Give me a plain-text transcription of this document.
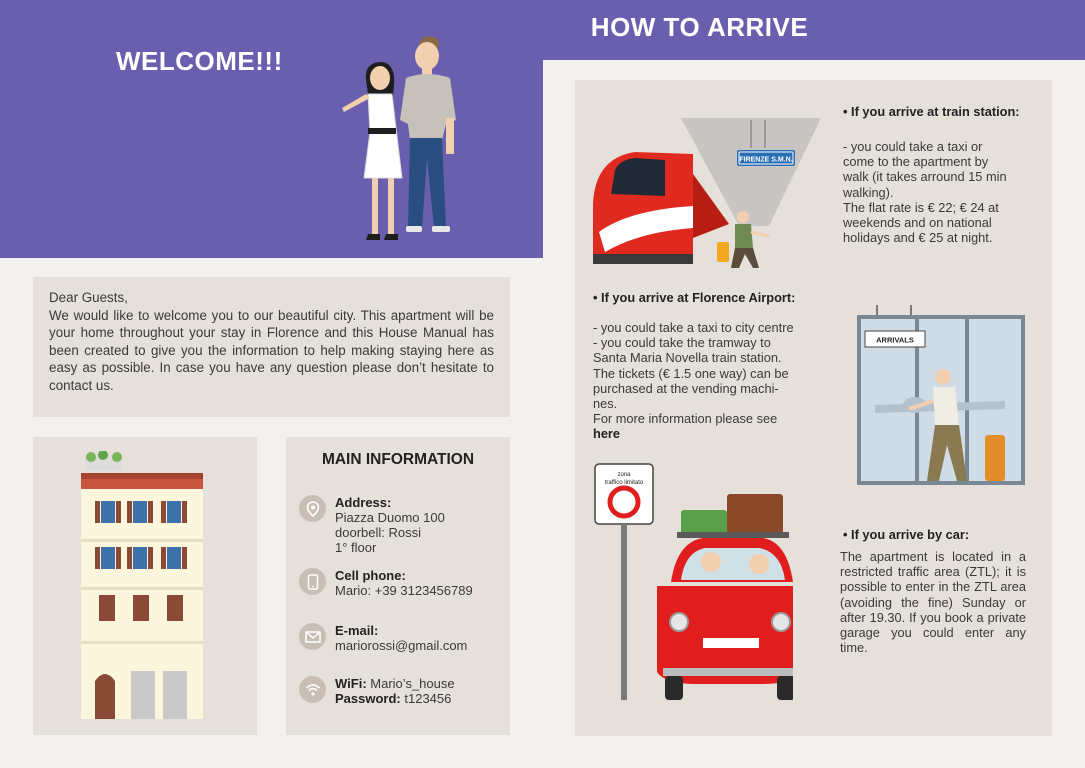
WELCOME!!!
HOW TO ARRIVE

Dear Guests,

We would like to welcome you to our beautiful city. This apartment will be your home throughout your stay in Florence and this House Manual has been created to give you the information to help making staying here as easy as possible. In case you have any question please don’t hesitate to contact us.

MAIN INFORMATION
Address:
Piazza Duomo 100
doorbell: Rossi
1° floor
Cell phone:
Mario: +39 3123456789
E-mail:
mariorossi@gmail.com
WiFi: Mario’s_house
Password: t123456
FIRENZE S.M.N.
• If you arrive at train station:
- you could take a taxi or
come to the apartment by
walk (it takes arround 15 min
walking).
The flat rate is € 22; € 24 at
weekends and on national
holidays and € 25 at night.
• If you arrive at Florence Airport:
- you could take a taxi to city centre
- you could take the tramway to
Santa Maria Novella train station.
The tickets (€ 1.5 one way) can be
purchased at the vending machi-
nes.
For more information please see
here
ARRIVALS
• If you arrive by car:
The apartment is located in a restricted traffic area (ZTL); it is possible to enter in the ZTL area (avoiding the fine) Sunday or after 19.30. If you book a private garage you could enter any time.
zona
traffico limitato
